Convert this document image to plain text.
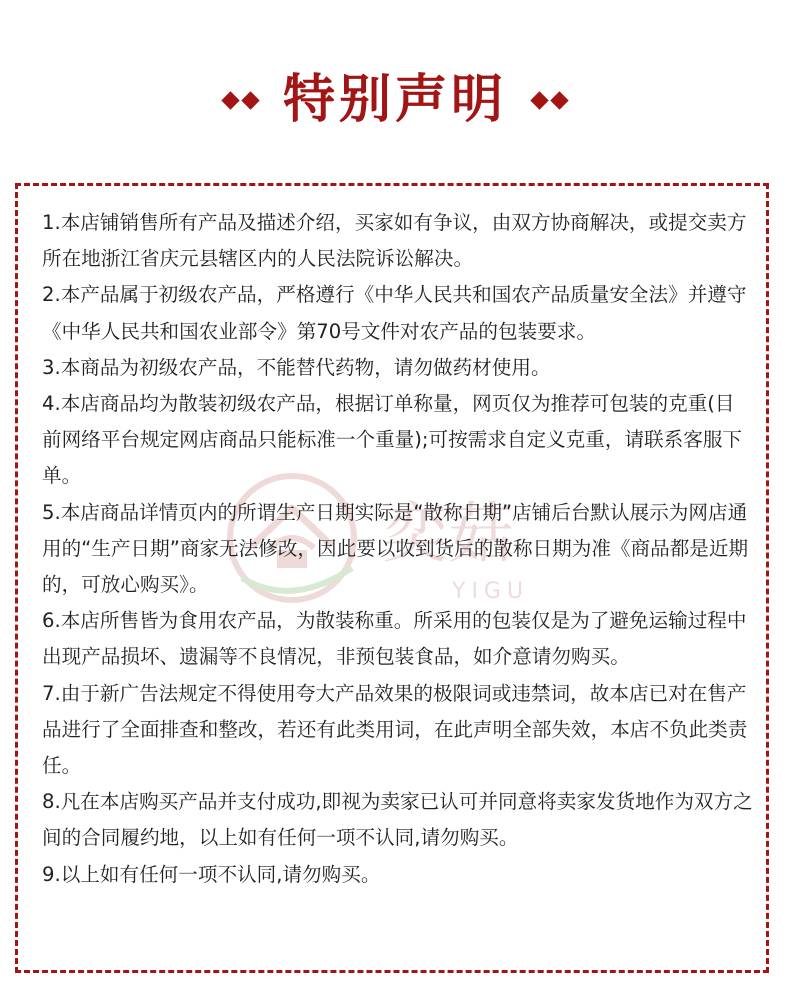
特别声明
奕菇
YIGU

1.本店铺销售所有产品及描述介绍，买家如有争议，由双方协商解决，或提交卖方所在地浙江省庆元县辖区内的人民法院诉讼解决。

2.本产品属于初级农产品，严格遵行《中华人民共和国农产品质量安全法》并遵守《中华人民共和国农业部令》第70号文件对农产品的包装要求。

3.本商品为初级农产品，不能替代药物，请勿做药材使用。

4.本店商品均为散装初级农产品，根据订单称量，网页仅为推荐可包装的克重(目前网络平台规定网店商品只能标准一个重量);可按需求自定义克重，请联系客服下单。

5.本店商品详情页内的所谓生产日期实际是“散称日期”店铺后台默认展示为网店通用的“生产日期”商家无法修改，因此要以收到货后的散称日期为准《商品都是近期的，可放心购买》。

6.本店所售皆为食用农产品，为散装称重。所采用的包装仅是为了避免运输过程中出现产品损坏、遗漏等不良情况，非预包装食品，如介意请勿购买。

7.由于新广告法规定不得使用夸大产品效果的极限词或违禁词，故本店已对在售产品进行了全面排查和整改，若还有此类用词，在此声明全部失效，本店不负此类责任。

8.凡在本店购买产品并支付成功,即视为卖家已认可并同意将卖家发货地作为双方之间的合同履约地，以上如有任何一项不认同,请勿购买。

9.以上如有任何一项不认同,请勿购买。
